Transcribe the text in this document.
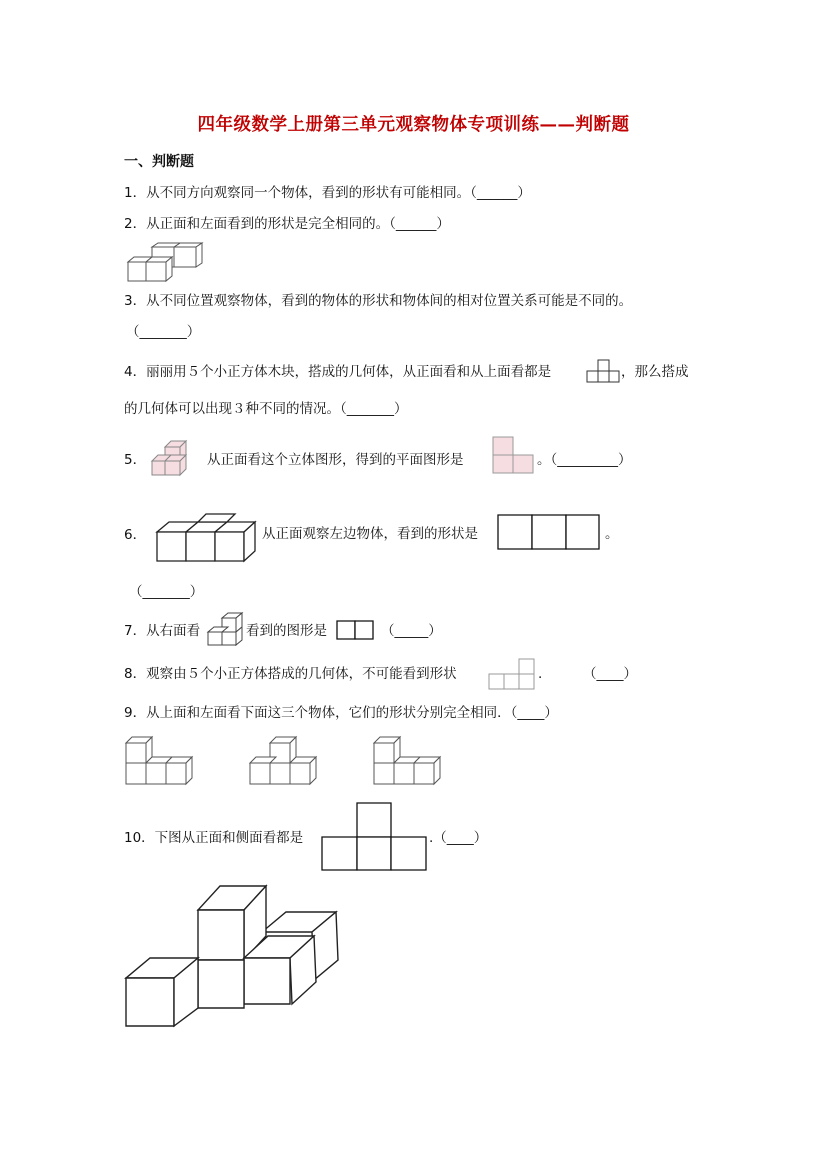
四年级数学上册第三单元观察物体专项训练——判断题
一、判断题
1．从不同方向观察同一个物体，看到的形状有可能相同。（______）
2．从正面和左面看到的形状是完全相同的。（______）
3．从不同位置观察物体，看到的物体的形状和物体间的相对位置关系可能是不同的。
（_______）
4．丽丽用５个小正方体木块，搭成的几何体，从正面看和从上面看都是	，那么搭成
的几何体可以出现３种不同的情况。（_______）
5．	从正面看这个立体图形，得到的平面图形是	。（_________）
6．	从正面观察左边物体，看到的形状是	。
（_______）
7．从右面看	看到的图形是	（_____）
8．观察由５个小正方体搭成的几何体，不可能看到形状	.	（____）
9．从上面和左面看下面这三个物体，它们的形状分别完全相同．（____）
10．下图从正面和侧面看都是	.（____）
